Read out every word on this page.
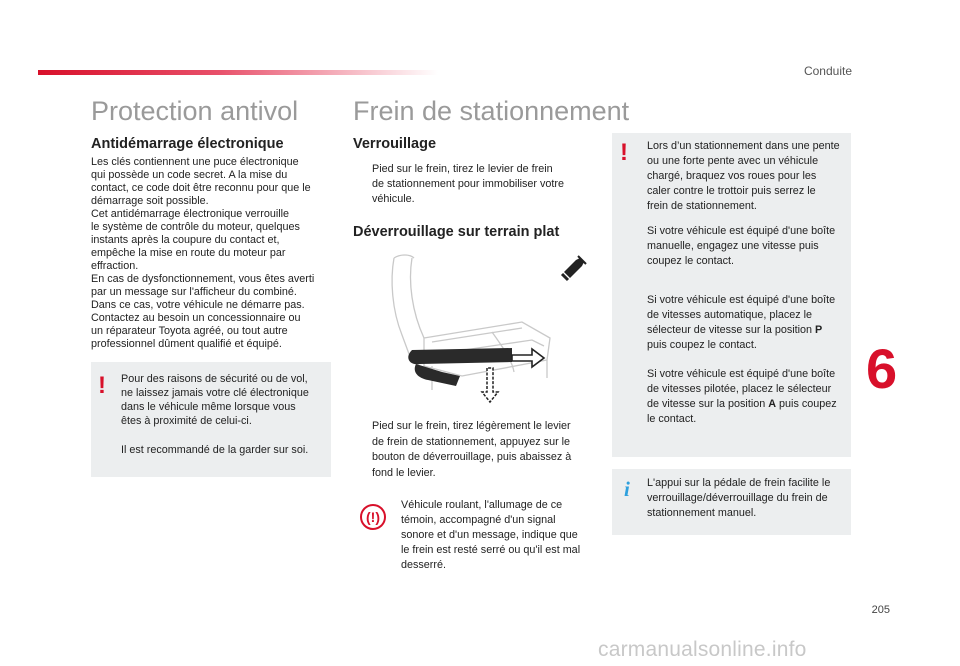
Conduite
Protection antivol
Antidémarrage électronique
Les clés contiennent une puce électronique
qui possède un code secret. A la mise du
contact, ce code doit être reconnu pour que le
démarrage soit possible.
Cet antidémarrage électronique verrouille
le système de contrôle du moteur, quelques
instants après la coupure du contact et,
empêche la mise en route du moteur par
effraction.
En cas de dysfonctionnement, vous êtes averti
par un message sur l'afficheur du combiné.
Dans ce cas, votre véhicule ne démarre pas.
Contactez au besoin un concessionnaire ou
un réparateur Toyota agréé, ou tout autre
professionnel dûment qualifié et équipé.
! Pour des raisons de sécurité ou de vol,
ne laissez jamais votre clé électronique
dans le véhicule même lorsque vous
êtes à proximité de celui-ci.
Il est recommandé de la garder sur soi.
Frein de stationnement
Verrouillage
Pied sur le frein, tirez le levier de frein
de stationnement pour immobiliser votre
véhicule.
Déverrouillage sur terrain plat
Pied sur le frein, tirez légèrement le levier
de frein de stationnement, appuyez sur le
bouton de déverrouillage, puis abaissez à
fond le levier.
(!)
Véhicule roulant, l'allumage de ce
témoin, accompagné d'un signal
sonore et d'un message, indique que
le frein est resté serré ou qu'il est mal
desserré.
! Lors d’un stationnement dans une pente
ou une forte pente avec un véhicule
chargé, braquez vos roues pour les
caler contre le trottoir puis serrez le
frein de stationnement.
Si votre véhicule est équipé d'une boîte
manuelle, engagez une vitesse puis
coupez le contact.
Si votre véhicule est équipé d'une boîte
de vitesses automatique, placez le
sélecteur de vitesse sur la position P
puis coupez le contact.
Si votre véhicule est équipé d'une boîte
de vitesses pilotée, placez le sélecteur
de vitesse sur la position A puis coupez
le contact.
i L'appui sur la pédale de frein facilite le
verrouillage/déverrouillage du frein de
stationnement manuel.
6
205
carmanualsonline.info
